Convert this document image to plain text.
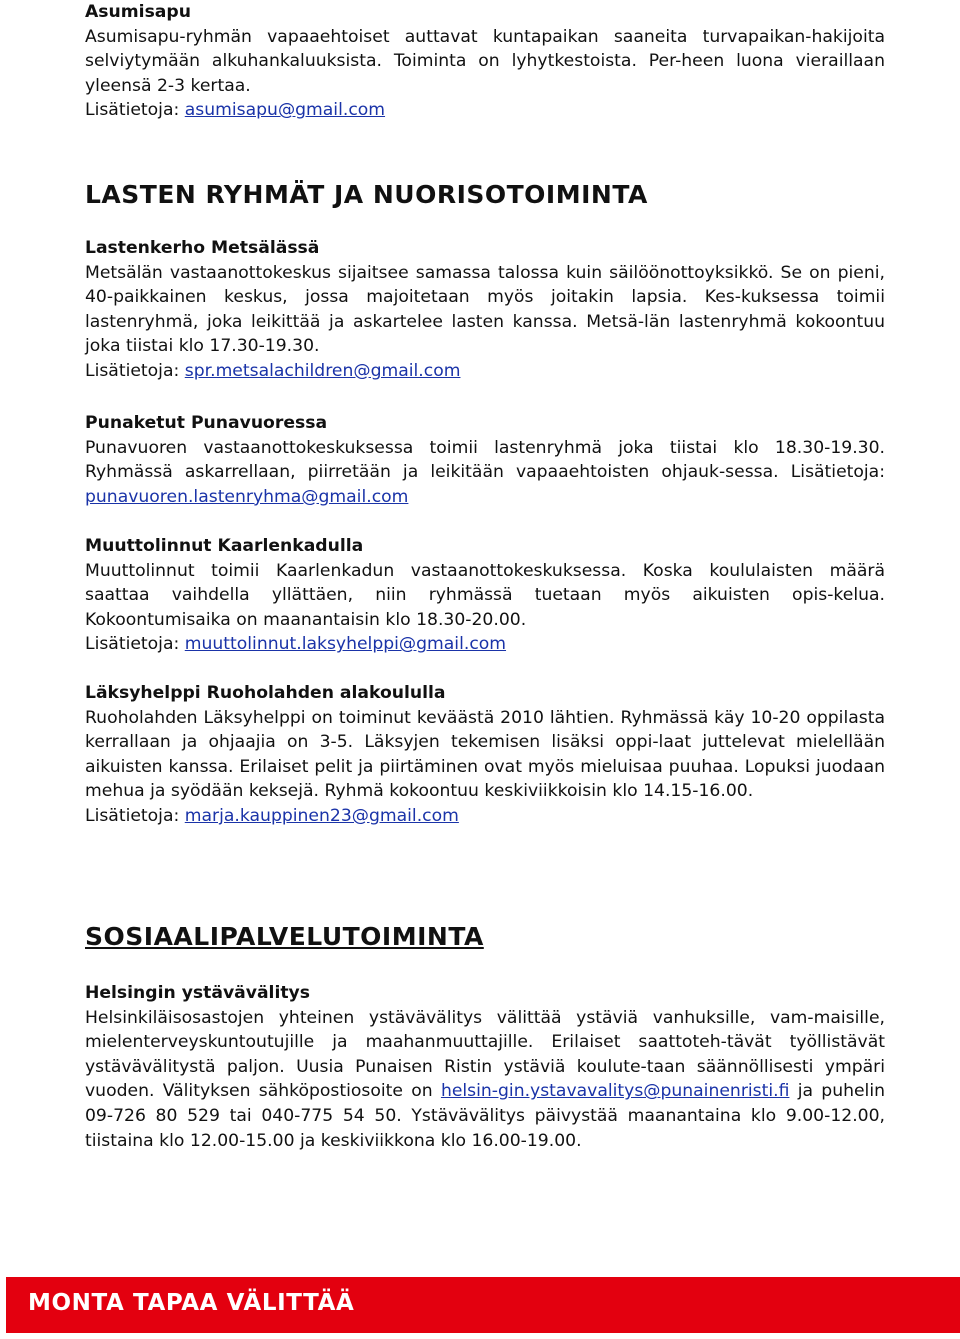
Asumisapu

Asumisapu-ryhmän vapaaehtoiset auttavat kuntapaikan saaneita turvapaikan-hakijoita selviytymään alkuhankaluuksista. Toiminta on lyhytkestoista. Per-heen luona vieraillaan yleensä 2-3 kertaa.
Lisätietoja: asumisapu@gmail.com

LASTEN RYHMÄT JA NUORISOTOIMINTA

Lastenkerho Metsälässä

Metsälän vastaanottokeskus sijaitsee samassa talossa kuin säilöönottoyksikkö. Se on pieni, 40-paikkainen keskus, jossa majoitetaan myös joitakin lapsia. Kes-kuksessa toimii lastenryhmä, joka leikittää ja askartelee lasten kanssa. Metsä-län lastenryhmä kokoontuu joka tiistai klo 17.30-19.30.
Lisätietoja: spr.metsalachildren@gmail.com

Punaketut Punavuoressa

Punavuoren vastaanottokeskuksessa toimii lastenryhmä joka tiistai klo 18.30-19.30. Ryhmässä askarrellaan, piirretään ja leikitään vapaaehtoisten ohjauk-sessa. Lisätietoja: punavuoren.lastenryhma@gmail.com

Muuttolinnut Kaarlenkadulla

Muuttolinnut toimii Kaarlenkadun vastaanottokeskuksessa. Koska koululaisten määrä saattaa vaihdella yllättäen, niin ryhmässä tuetaan myös aikuisten opis-kelua. Kokoontumisaika on maanantaisin klo 18.30-20.00.
Lisätietoja: muuttolinnut.laksyhelppi@gmail.com

Läksyhelppi Ruoholahden alakoululla

Ruoholahden Läksyhelppi on toiminut keväästä 2010 lähtien. Ryhmässä käy 10-20 oppilasta kerrallaan ja ohjaajia on 3-5. Läksyjen tekemisen lisäksi oppi-laat juttelevat mielellään aikuisten kanssa. Erilaiset pelit ja piirtäminen ovat myös mieluisaa puuhaa. Lopuksi juodaan mehua ja syödään keksejä. Ryhmä kokoontuu keskiviikkoisin klo 14.15-16.00.
Lisätietoja: marja.kauppinen23@gmail.com

SOSIAALIPALVELUTOIMINTA

Helsingin ystävävälitys

Helsinkiläisosastojen yhteinen ystävävälitys välittää ystäviä vanhuksille, vam-maisille, mielenterveyskuntoutujille ja maahanmuuttajille. Erilaiset saattoteh-tävät työllistävät ystävävälitystä paljon. Uusia Punaisen Ristin ystäviä koulute-taan säännöllisesti ympäri vuoden. Välityksen sähköpostiosoite on helsin-gin.ystavavalitys@punainenristi.fi ja puhelin 09-726 80 529 tai 040-775 54 50. Ystävävälitys päivystää maanantaina klo 9.00-12.00, tiistaina klo 12.00-15.00 ja keskiviikkona klo 16.00-19.00.

MONTA TAPAA VÄLITTÄÄ
